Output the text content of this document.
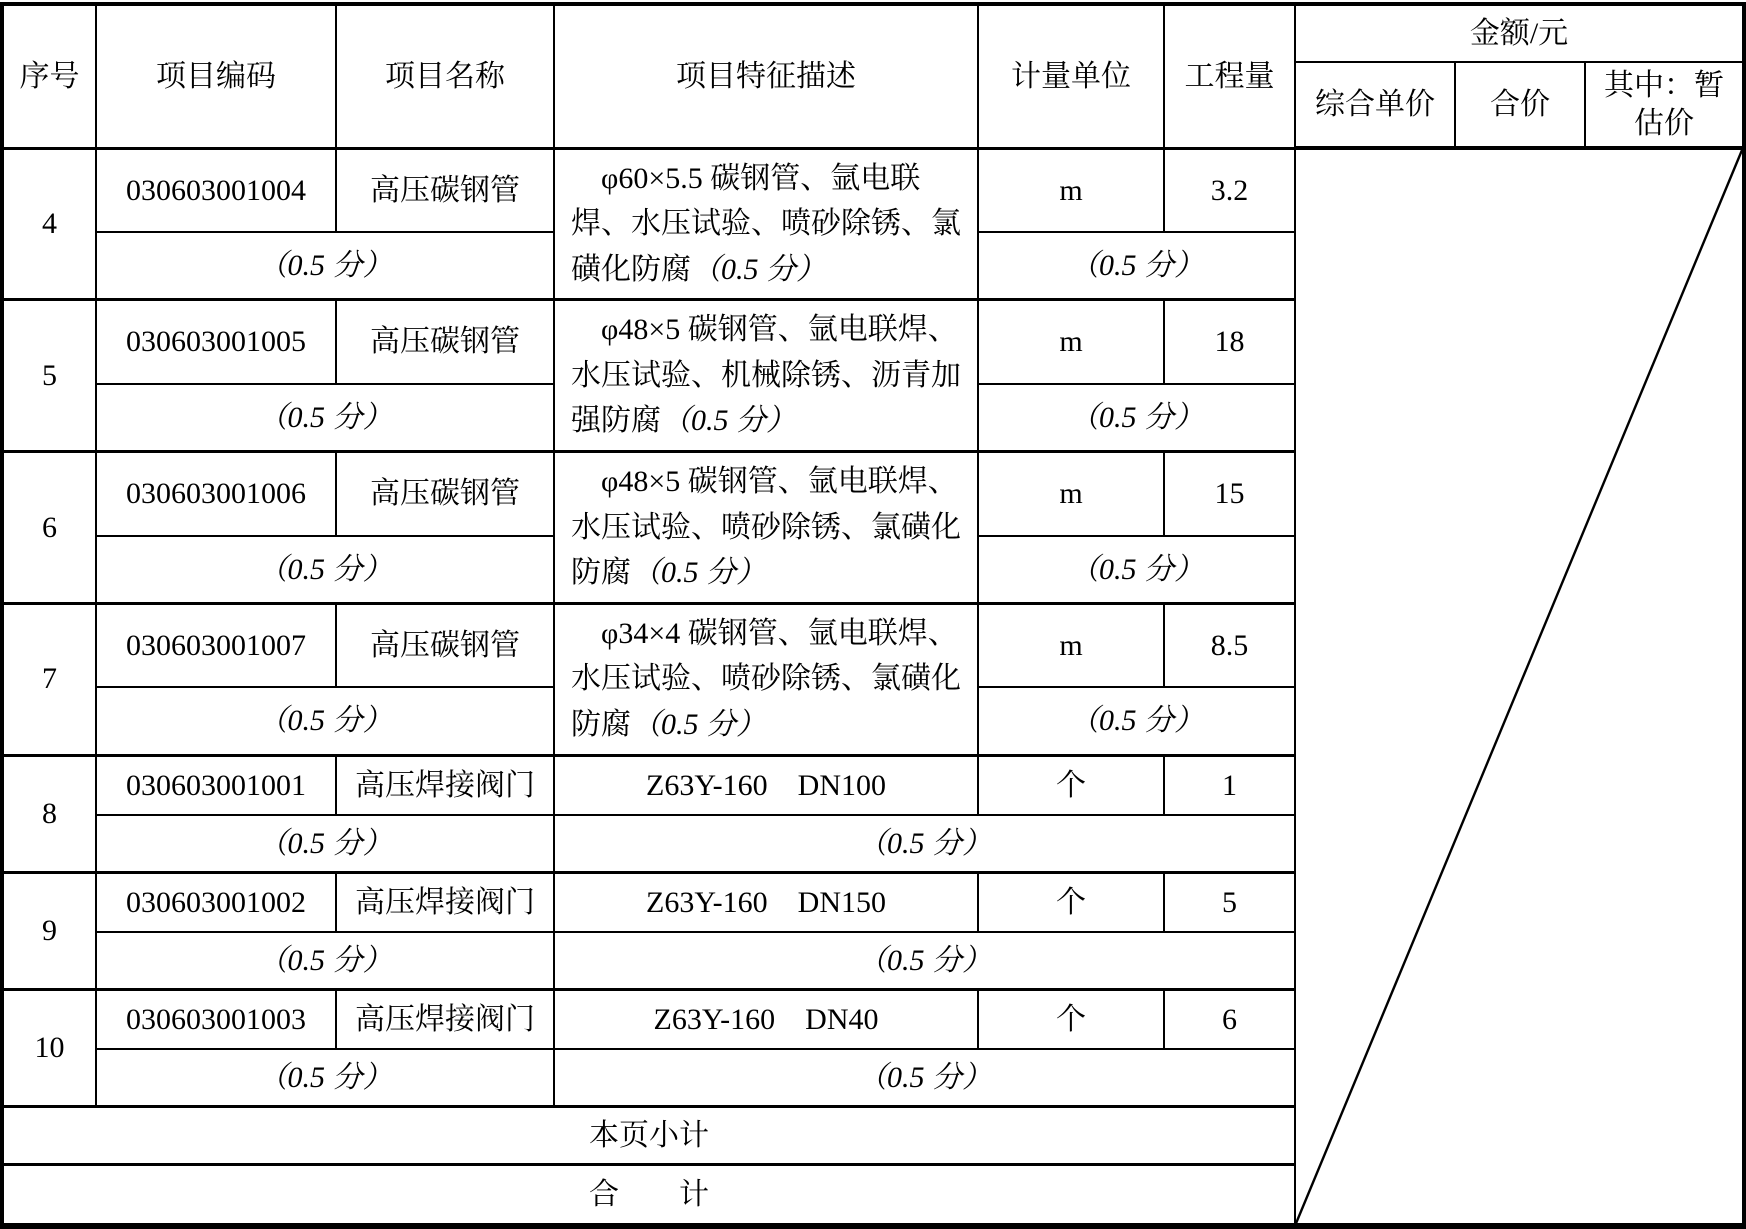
序号	项目编码	项目名称	项目特征描述	计量单位	工程量	金额/元		
						综合单价	合价	其中：暂估价
4	030603001004	高压碳钢管	φ60×5.5 碳钢管、氩电联焊、水压试验、喷砂除锈、氯磺化防腐（0.5 分）	m	3.2	

	（0.5 分）			（0.5 分）				
5	030603001005	高压碳钢管	φ48×5 碳钢管、氩电联焊、水压试验、机械除锈、沥青加强防腐（0.5 分）	m	18			
	（0.5 分）			（0.5 分）				
6	030603001006	高压碳钢管	φ48×5 碳钢管、氩电联焊、水压试验、喷砂除锈、氯磺化防腐（0.5 分）	m	15			
	（0.5 分）			（0.5 分）				
7	030603001007	高压碳钢管	φ34×4 碳钢管、氩电联焊、水压试验、喷砂除锈、氯磺化防腐（0.5 分）	m	8.5			
	（0.5 分）			（0.5 分）				
8	030603001001	高压焊接阀门	Z63Y-160　DN100	个	1			
	（0.5 分）		（0.5 分）					
9	030603001002	高压焊接阀门	Z63Y-160　DN150	个	5			
	（0.5 分）		（0.5 分）					
10	030603001003	高压焊接阀门	Z63Y-160　DN40	个	6			
	（0.5 分）		（0.5 分）					
本页小计								
合　　计								
